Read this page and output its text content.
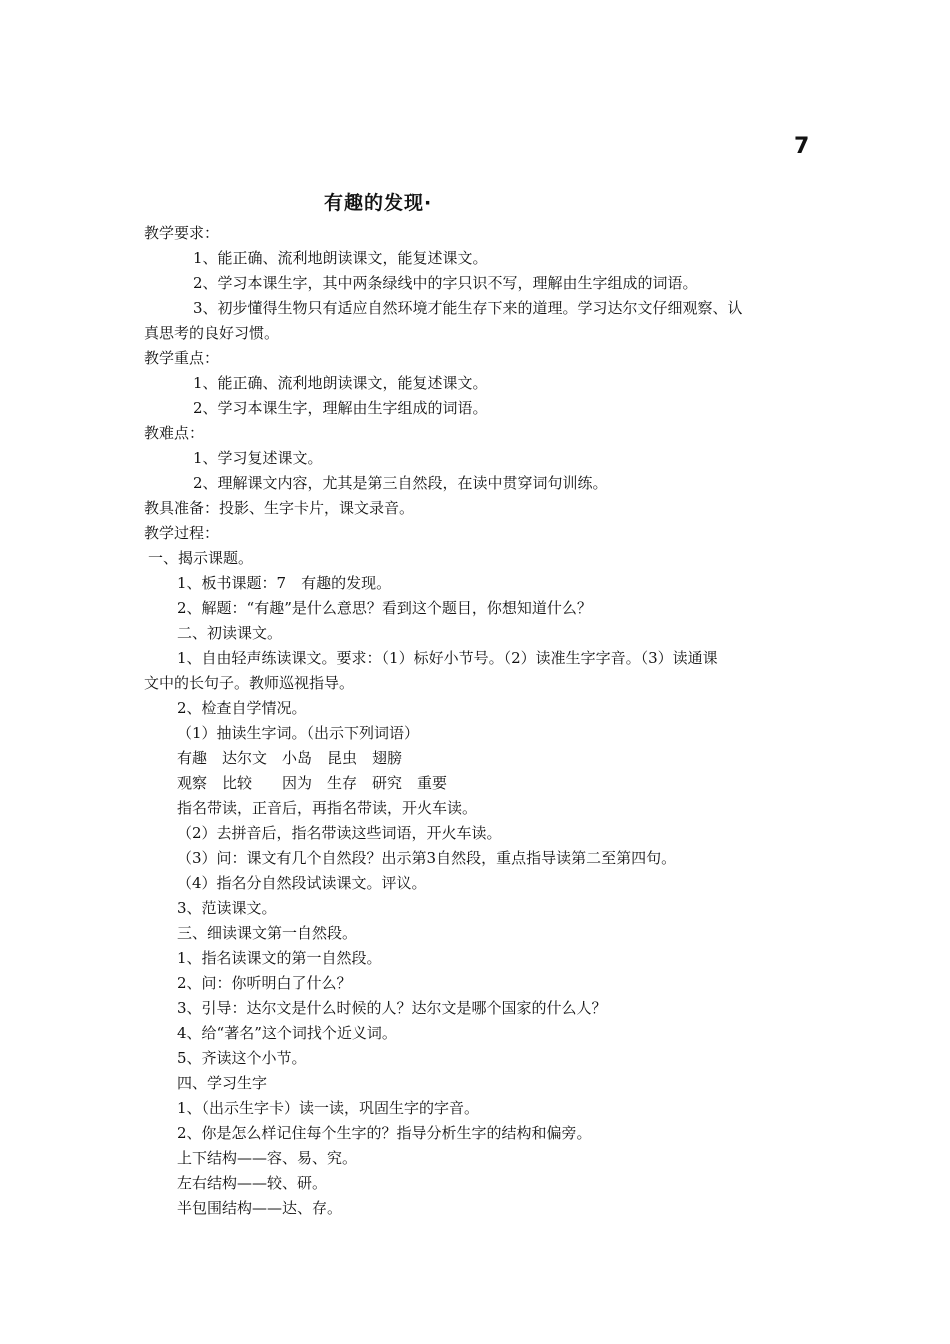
7
有趣的发现·
教学要求：
1、能正确、流利地朗读课文，能复述课文。
2、学习本课生字，其中两条绿线中的字只识不写，理解由生字组成的词语。
3、初步懂得生物只有适应自然环境才能生存下来的道理。学习达尔文仔细观察、认
真思考的良好习惯。
教学重点：
1、能正确、流利地朗读课文，能复述课文。
2、学习本课生字，理解由生字组成的词语。
教难点：
1、学习复述课文。
2、理解课文内容，尤其是第三自然段，在读中贯穿词句训练。
教具准备：投影、生字卡片，课文录音。
教学过程：
一、揭示课题。
1、板书课题：7　有趣的发现。
2、解题：“有趣”是什么意思？看到这个题目，你想知道什么？
二、初读课文。
1、自由轻声练读课文。要求：（1）标好小节号。（2）读准生字字音。（3）读通课
文中的长句子。教师巡视指导。
2、检查自学情况。
（1）抽读生字词。（出示下列词语）
有趣　达尔文　小岛　昆虫　翅膀
观察　比较　　因为　生存　研究　重要
指名带读，正音后，再指名带读，开火车读。
（2）去拼音后，指名带读这些词语，开火车读。
（3）问：课文有几个自然段？出示第3自然段，重点指导读第二至第四句。
（4）指名分自然段试读课文。评议。
3、范读课文。
三、细读课文第一自然段。
1、指名读课文的第一自然段。
2、问：你听明白了什么？
3、引导：达尔文是什么时候的人？达尔文是哪个国家的什么人？
4、给“著名”这个词找个近义词。
5、齐读这个小节。
四、学习生字
1、（出示生字卡）读一读，巩固生字的字音。
2、你是怎么样记住每个生字的？指导分析生字的结构和偏旁。
上下结构——容、易、究。
左右结构——较、研。
半包围结构——达、存。
